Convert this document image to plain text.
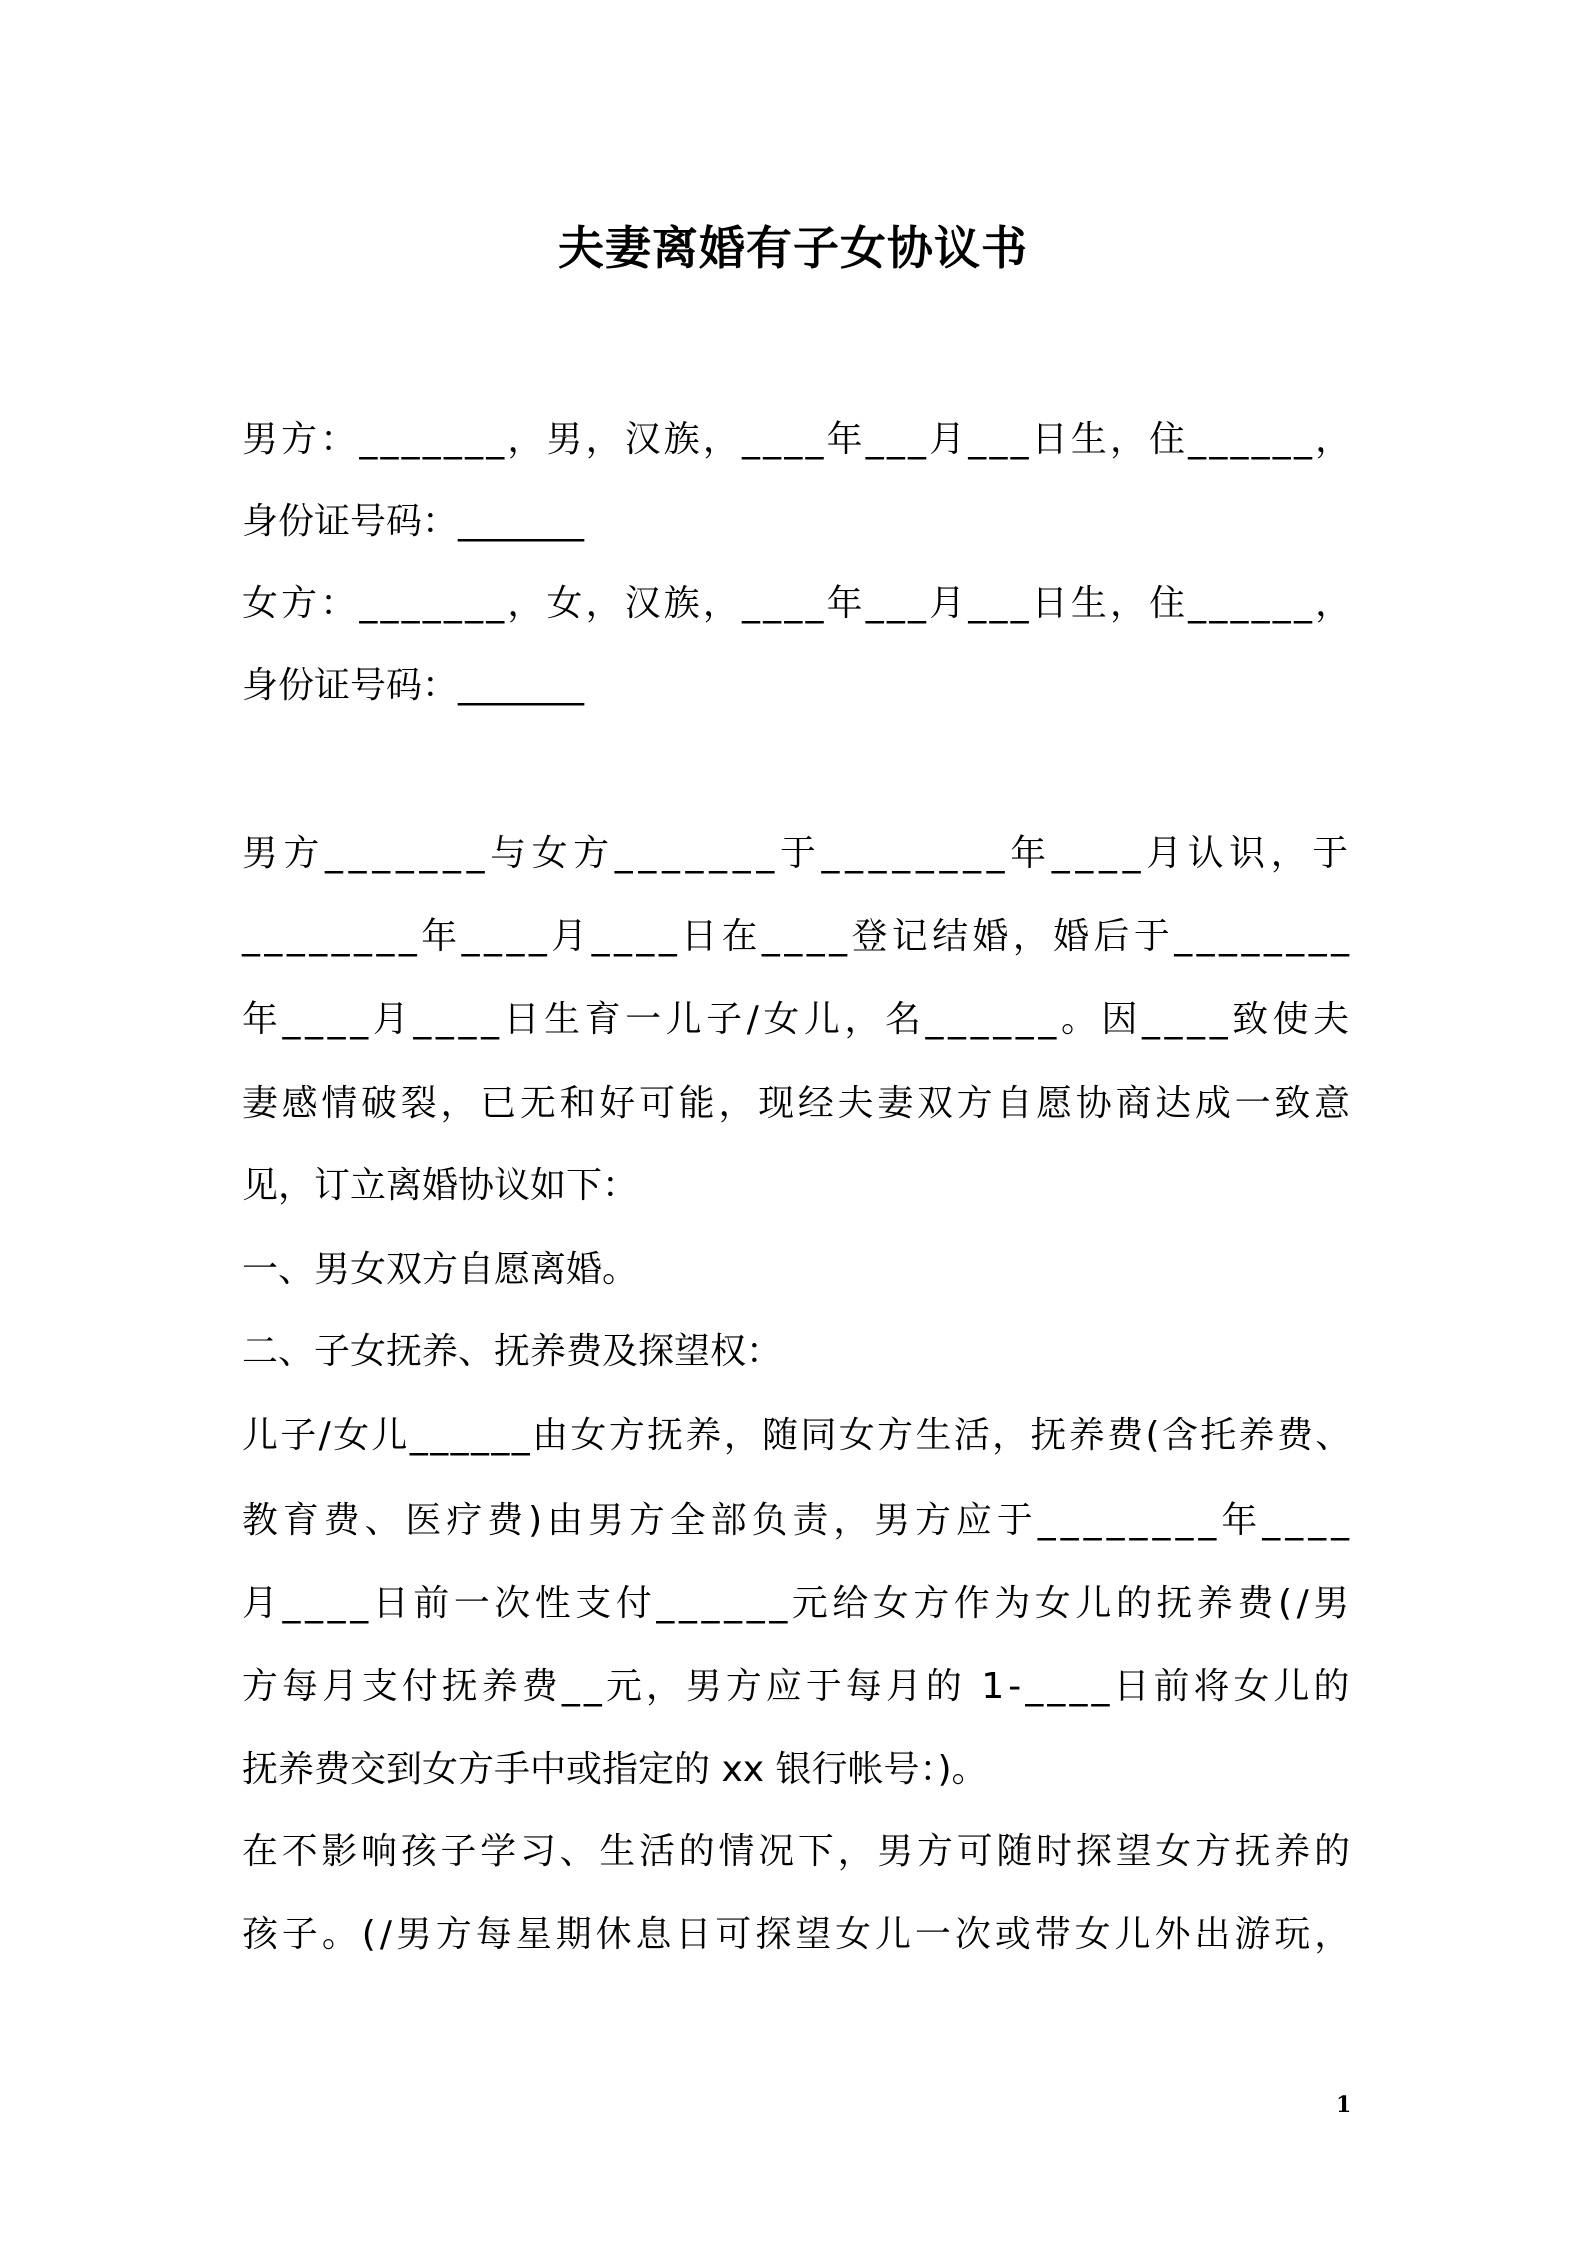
夫妻离婚有子女协议书
男方：_______，男，汉族，____年___月___日生，住______，
身份证号码：_______
女方：_______，女，汉族，____年___月___日生，住______，
身份证号码：_______
男方_______与女方_______于________年____月认识，于
________年____月____日在____登记结婚，婚后于________
年____月____日生育一儿子/女儿，名______。因____致使夫
妻感情破裂，已无和好可能，现经夫妻双方自愿协商达成一致意
见，订立离婚协议如下：
一、男女双方自愿离婚。
二、子女抚养、抚养费及探望权：
儿子/女儿______由女方抚养，随同女方生活，抚养费(含托养费、
教育费、医疗费)由男方全部负责，男方应于________年____
月____日前一次性支付______元给女方作为女儿的抚养费(/男
方每月支付抚养费__元，男方应于每月的 1-____日前将女儿的
抚养费交到女方手中或指定的 xx 银行帐号：)。
在不影响孩子学习、生活的情况下，男方可随时探望女方抚养的
孩子。(/男方每星期休息日可探望女儿一次或带女儿外出游玩，
1
